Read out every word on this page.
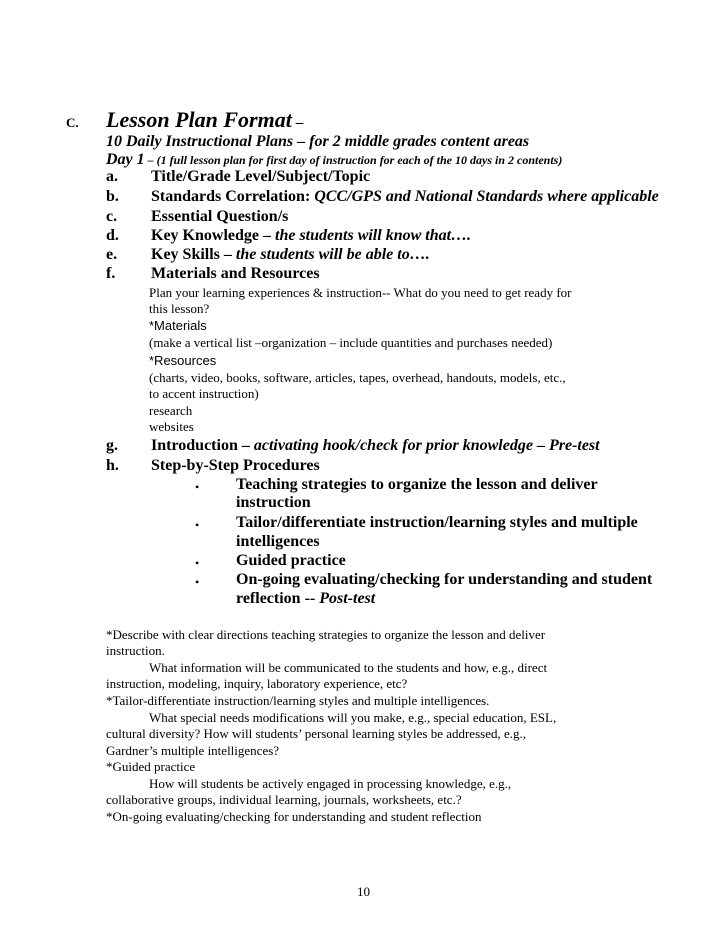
C. Lesson Plan Format –
10 Daily Instructional Plans – for 2 middle grades content areas
Day 1 – (1 full lesson plan for first day of instruction for each of the 10 days in 2 contents)
a. Title/Grade Level/Subject/Topic
b. Standards Correlation: QCC/GPS and National Standards where applicable
c. Essential Question/s
d. Key Knowledge – the students will know that….
e. Key Skills – the students will be able to….
f. Materials and Resources
Plan your learning experiences & instruction-- What do you need to get ready for
this lesson?
*Materials
(make a vertical list –organization – include quantities and purchases needed)
*Resources
(charts, video, books, software, articles, tapes, overhead, handouts, models, etc.,
to accent instruction)
research
websites
g. Introduction – activating hook/check for prior knowledge – Pre-test
h. Step-by-Step Procedures
• Teaching strategies to organize the lesson and deliver
instruction
• Tailor/differentiate instruction/learning styles and multiple
intelligences
• Guided practice
• On-going evaluating/checking for understanding and student
reflection -- Post-test
*Describe with clear directions teaching strategies to organize the lesson and deliver
instruction.
What information will be communicated to the students and how, e.g., direct
instruction, modeling, inquiry, laboratory experience, etc?
*Tailor-differentiate instruction/learning styles and multiple intelligences.
What special needs modifications will you make, e.g., special education, ESL,
cultural diversity? How will students’ personal learning styles be addressed, e.g.,
Gardner’s multiple intelligences?
*Guided practice
How will students be actively engaged in processing knowledge, e.g.,
collaborative groups, individual learning, journals, worksheets, etc.?
*On-going evaluating/checking for understanding and student reflection
10
